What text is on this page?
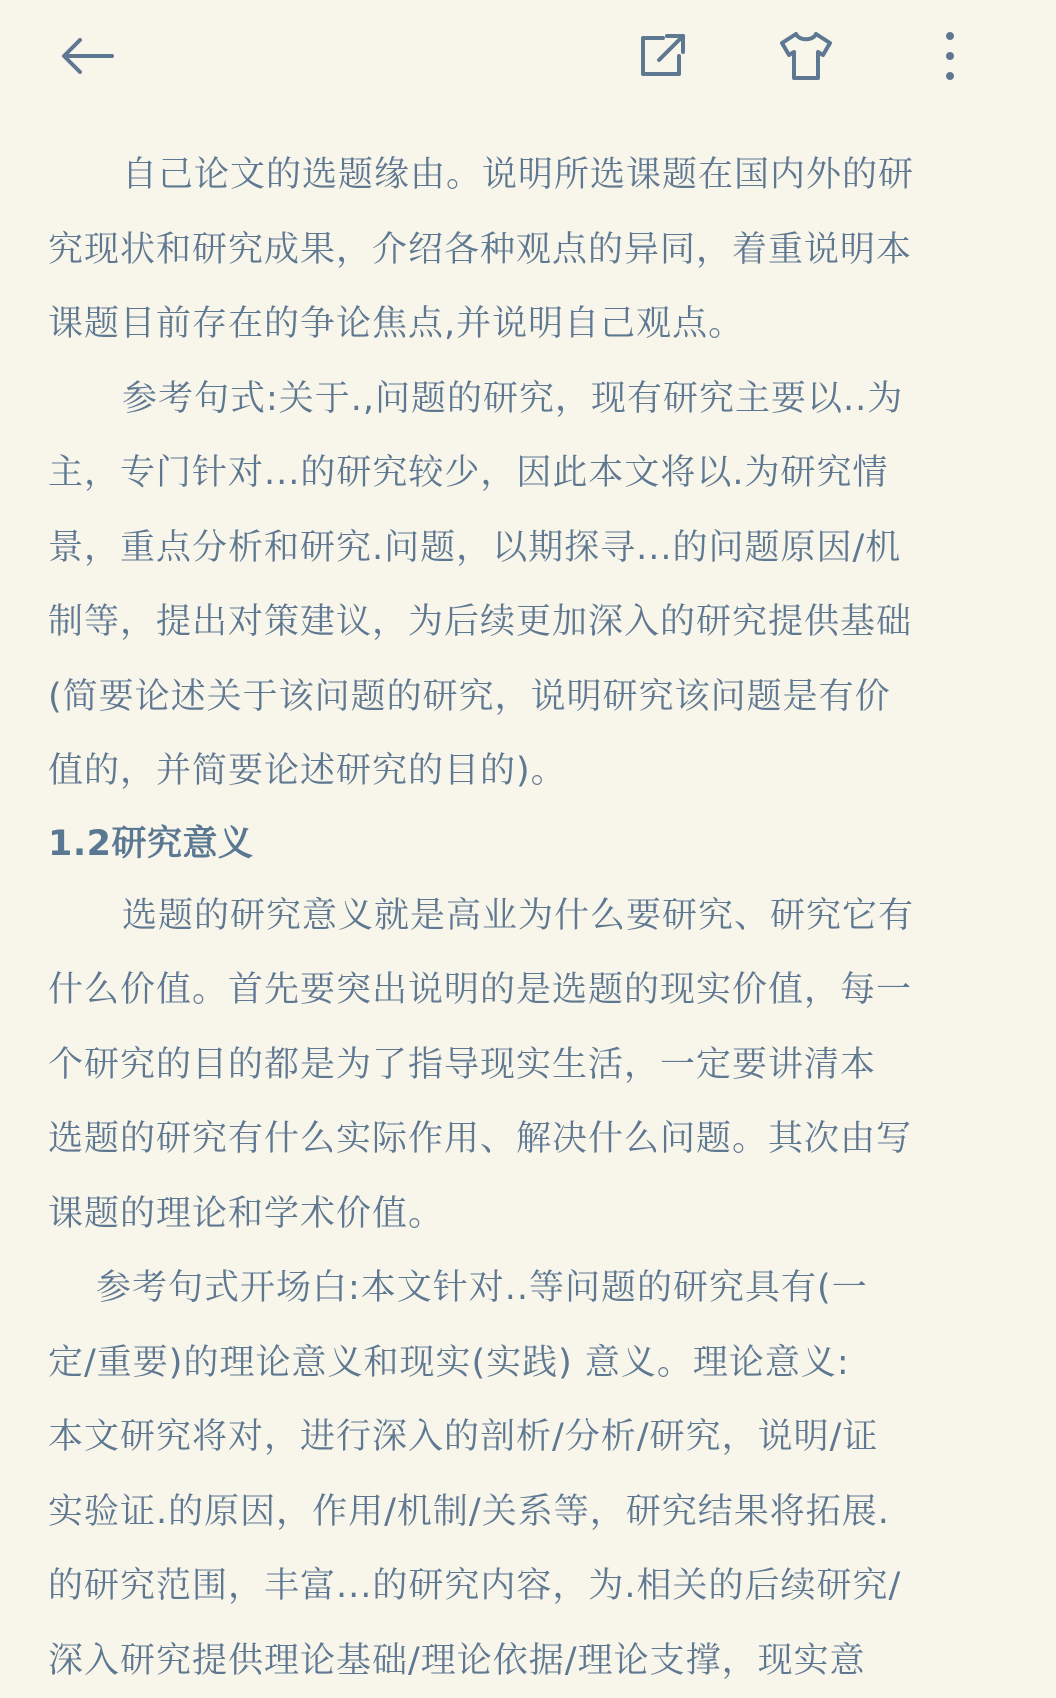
自己论文的选题缘由。说明所选课题在国内外的研

究现状和研究成果，介绍各种观点的异同，着重说明本

课题目前存在的争论焦点,并说明自己观点。

参考句式:关于.,问题的研究，现有研究主要以..为

主，专门针对...的研究较少，因此本文将以.为研究情

景，重点分析和研究.问题，以期探寻...的问题原因/机

制等，提出对策建议，为后续更加深入的研究提供基础

(简要论述关于该问题的研究，说明研究该问题是有价

值的，并简要论述研究的目的)。

1.2研究意义

选题的研究意义就是高业为什么要研究、研究它有

什么价值。首先要突出说明的是选题的现实价值，每一

个研究的目的都是为了指导现实生活，一定要讲清本

选题的研究有什么实际作用、解决什么问题。其次由写

课题的理论和学术价值。

参考句式开场白:本文针对..等问题的研究具有(一

定/重要)的理论意义和现实(实践) 意义。理论意义:

本文研究将对，进行深入的剖析/分析/研究，说明/证

实验证.的原因，作用/机制/关系等，研究结果将拓展.

的研究范围，丰富...的研究内容，为.相关的后续研究/

深入研究提供理论基础/理论依据/理论支撑，现实意
